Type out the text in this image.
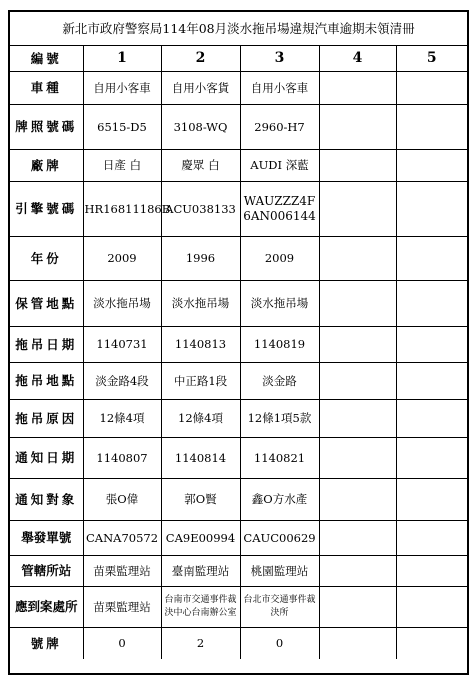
新北市政府警察局114年08月淡水拖吊場違規汽車逾期未領清冊
編號	1	2	3	4	5
車種	自用小客車	自用小客貨	自用小客車		
牌照號碼	6515-D5	3108-WQ	2960-H7		
廠牌	日產 白	慶眾 白	AUDI 深藍		
引擎號碼	HR16811186B	ACU038133	WAUZZZ4F6AN006144		
年份	2009	1996	2009		
保管地點	淡水拖吊場	淡水拖吊場	淡水拖吊場		
拖吊日期	1140731	1140813	1140819		
拖吊地點	淡金路4段	中正路1段	淡金路		
拖吊原因	12條4項	12條4項	12條1項5款		
通知日期	1140807	1140814	1140821		
通知對象	張O偉	郭O賢	鑫O方水產		
舉發單號	CANA70572	CA9E00994	CAUC00629		
管轄所站	苗栗監理站	臺南監理站	桃園監理站		
應到案處所	苗栗監理站	台南市交通事件裁決中心台南辦公室	台北市交通事件裁決所		
號牌	0	2	0		
